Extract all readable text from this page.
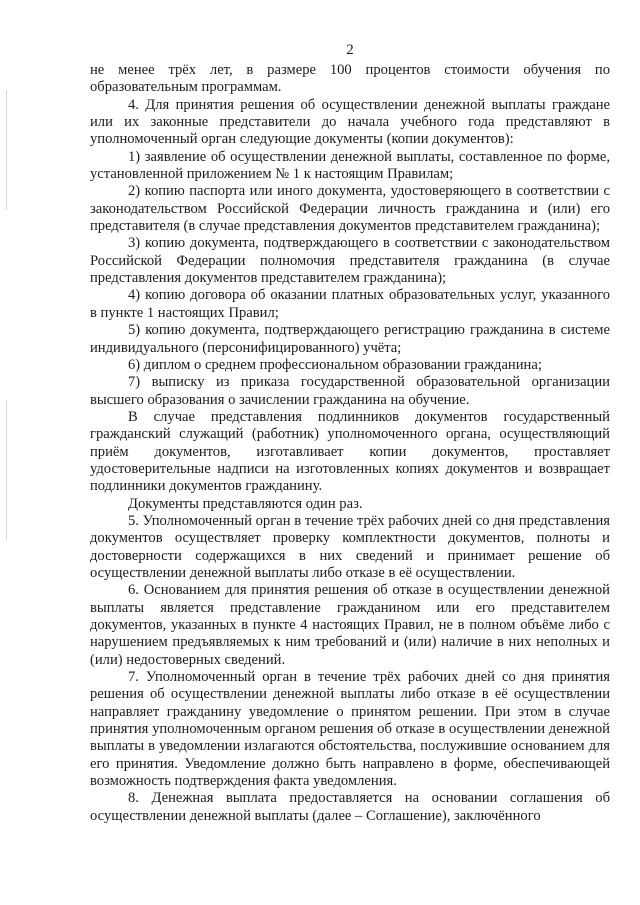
2

не менее трёх лет, в размере 100 процентов стоимости обучения по образовательным программам.

4. Для принятия решения об осуществлении денежной выплаты граждане или их законные представители до начала учебного года представляют в уполномоченный орган следующие документы (копии документов):

1) заявление об осуществлении денежной выплаты, составленное по форме, установленной приложением № 1 к настоящим Правилам;

2) копию паспорта или иного документа, удостоверяющего в соответствии с законодательством Российской Федерации личность гражданина и (или) его представителя (в случае представления документов представителем гражданина);

3) копию документа, подтверждающего в соответствии с законодательством Российской Федерации полномочия представителя гражданина (в случае представления документов представителем гражданина);

4) копию договора об оказании платных образовательных услуг, указанного в пункте 1 настоящих Правил;

5) копию документа, подтверждающего регистрацию гражданина в системе индивидуального (персонифицированного) учёта;

6) диплом о среднем профессиональном образовании гражданина;

7) выписку из приказа государственной образовательной организации высшего образования о зачислении гражданина на обучение.

В случае представления подлинников документов государственный гражданский служащий (работник) уполномоченного органа, осуществляющий приём документов, изготавливает копии документов, проставляет удостоверительные надписи на изготовленных копиях документов и возвращает подлинники документов гражданину.

Документы представляются один раз.

5. Уполномоченный орган в течение трёх рабочих дней со дня представления документов осуществляет проверку комплектности документов, полноты и достоверности содержащихся в них сведений и принимает решение об осуществлении денежной выплаты либо отказе в её осуществлении.

6. Основанием для принятия решения об отказе в осуществлении денежной выплаты является представление гражданином или его представителем документов, указанных в пункте 4 настоящих Правил, не в полном объёме либо с нарушением предъявляемых к ним требований и (или) наличие в них неполных и (или) недостоверных сведений.

7. Уполномоченный орган в течение трёх рабочих дней со дня принятия решения об осуществлении денежной выплаты либо отказе в её осуществлении направляет гражданину уведомление о принятом решении. При этом в случае принятия уполномоченным органом решения об отказе в осуществлении денежной выплаты в уведомлении излагаются обстоятельства, послужившие основанием для его принятия. Уведомление должно быть направлено в форме, обеспечивающей возможность подтверждения факта уведомления.

8. Денежная выплата предоставляется на основании соглашения об осуществлении денежной выплаты (далее – Соглашение), заключённого
